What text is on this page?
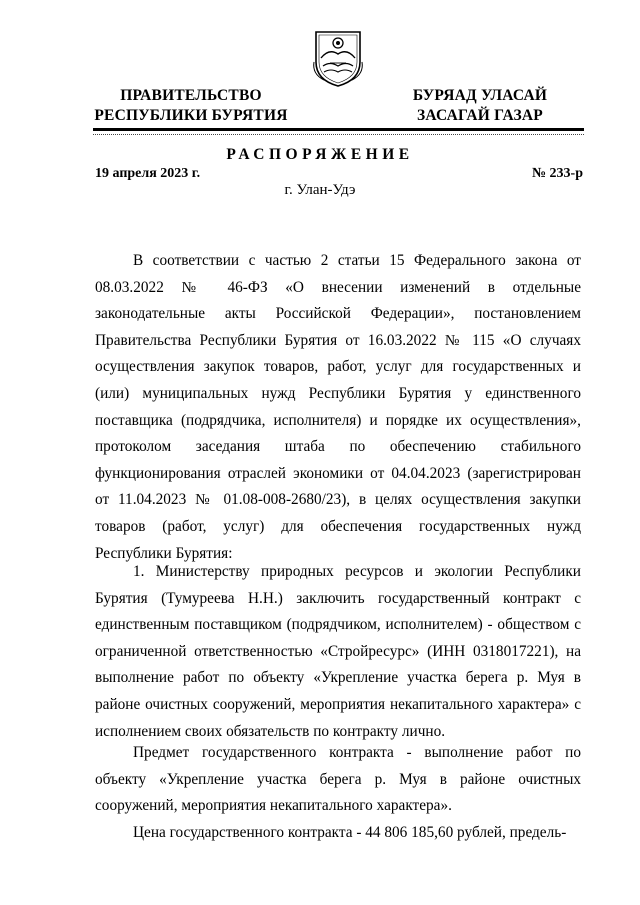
ПРАВИТЕЛЬСТВО
РЕСПУБЛИКИ БУРЯТИЯ
БУРЯАД УЛАСАЙ
ЗАСАГАЙ ГАЗАР
РАСПОРЯЖЕНИЕ
19 апреля 2023 г.	№ 233-р
г. Улан-Удэ

В соответствии с частью 2 статьи 15 Федерального закона от 08.03.2022 № 46-ФЗ «О внесении изменений в отдельные законодательные акты Российской Федерации», постановлением Правительства Республики Бурятия от 16.03.2022 № 115 «О случаях осуществления закупок товаров, работ, услуг для государственных и (или) муниципальных нужд Республики Бурятия у единственного поставщика (подрядчика, исполнителя) и порядке их осуществления», протоколом заседания штаба по обеспечению стабильного функционирования отраслей экономики от 04.04.2023 (зарегистрирован от 11.04.2023 № 01.08-008-2680/23), в целях осуществления закупки товаров (работ, услуг) для обеспечения государственных нужд Республики Бурятия:

1. Министерству природных ресурсов и экологии Республики Бурятия (Тумуреева Н.Н.) заключить государственный контракт с единственным поставщиком (подрядчиком, исполнителем) - обществом с ограниченной ответственностью «Стройресурс» (ИНН 0318017221), на выполнение работ по объекту «Укрепление участка берега р. Муя в районе очистных сооружений, мероприятия некапитального характера» с исполнением своих обязательств по контракту лично.

Предмет государственного контракта - выполнение работ по объекту «Укрепление участка берега р. Муя в районе очистных сооружений, мероприятия некапитального характера».

Цена государственного контракта - 44 806 185,60 рублей, предель-
